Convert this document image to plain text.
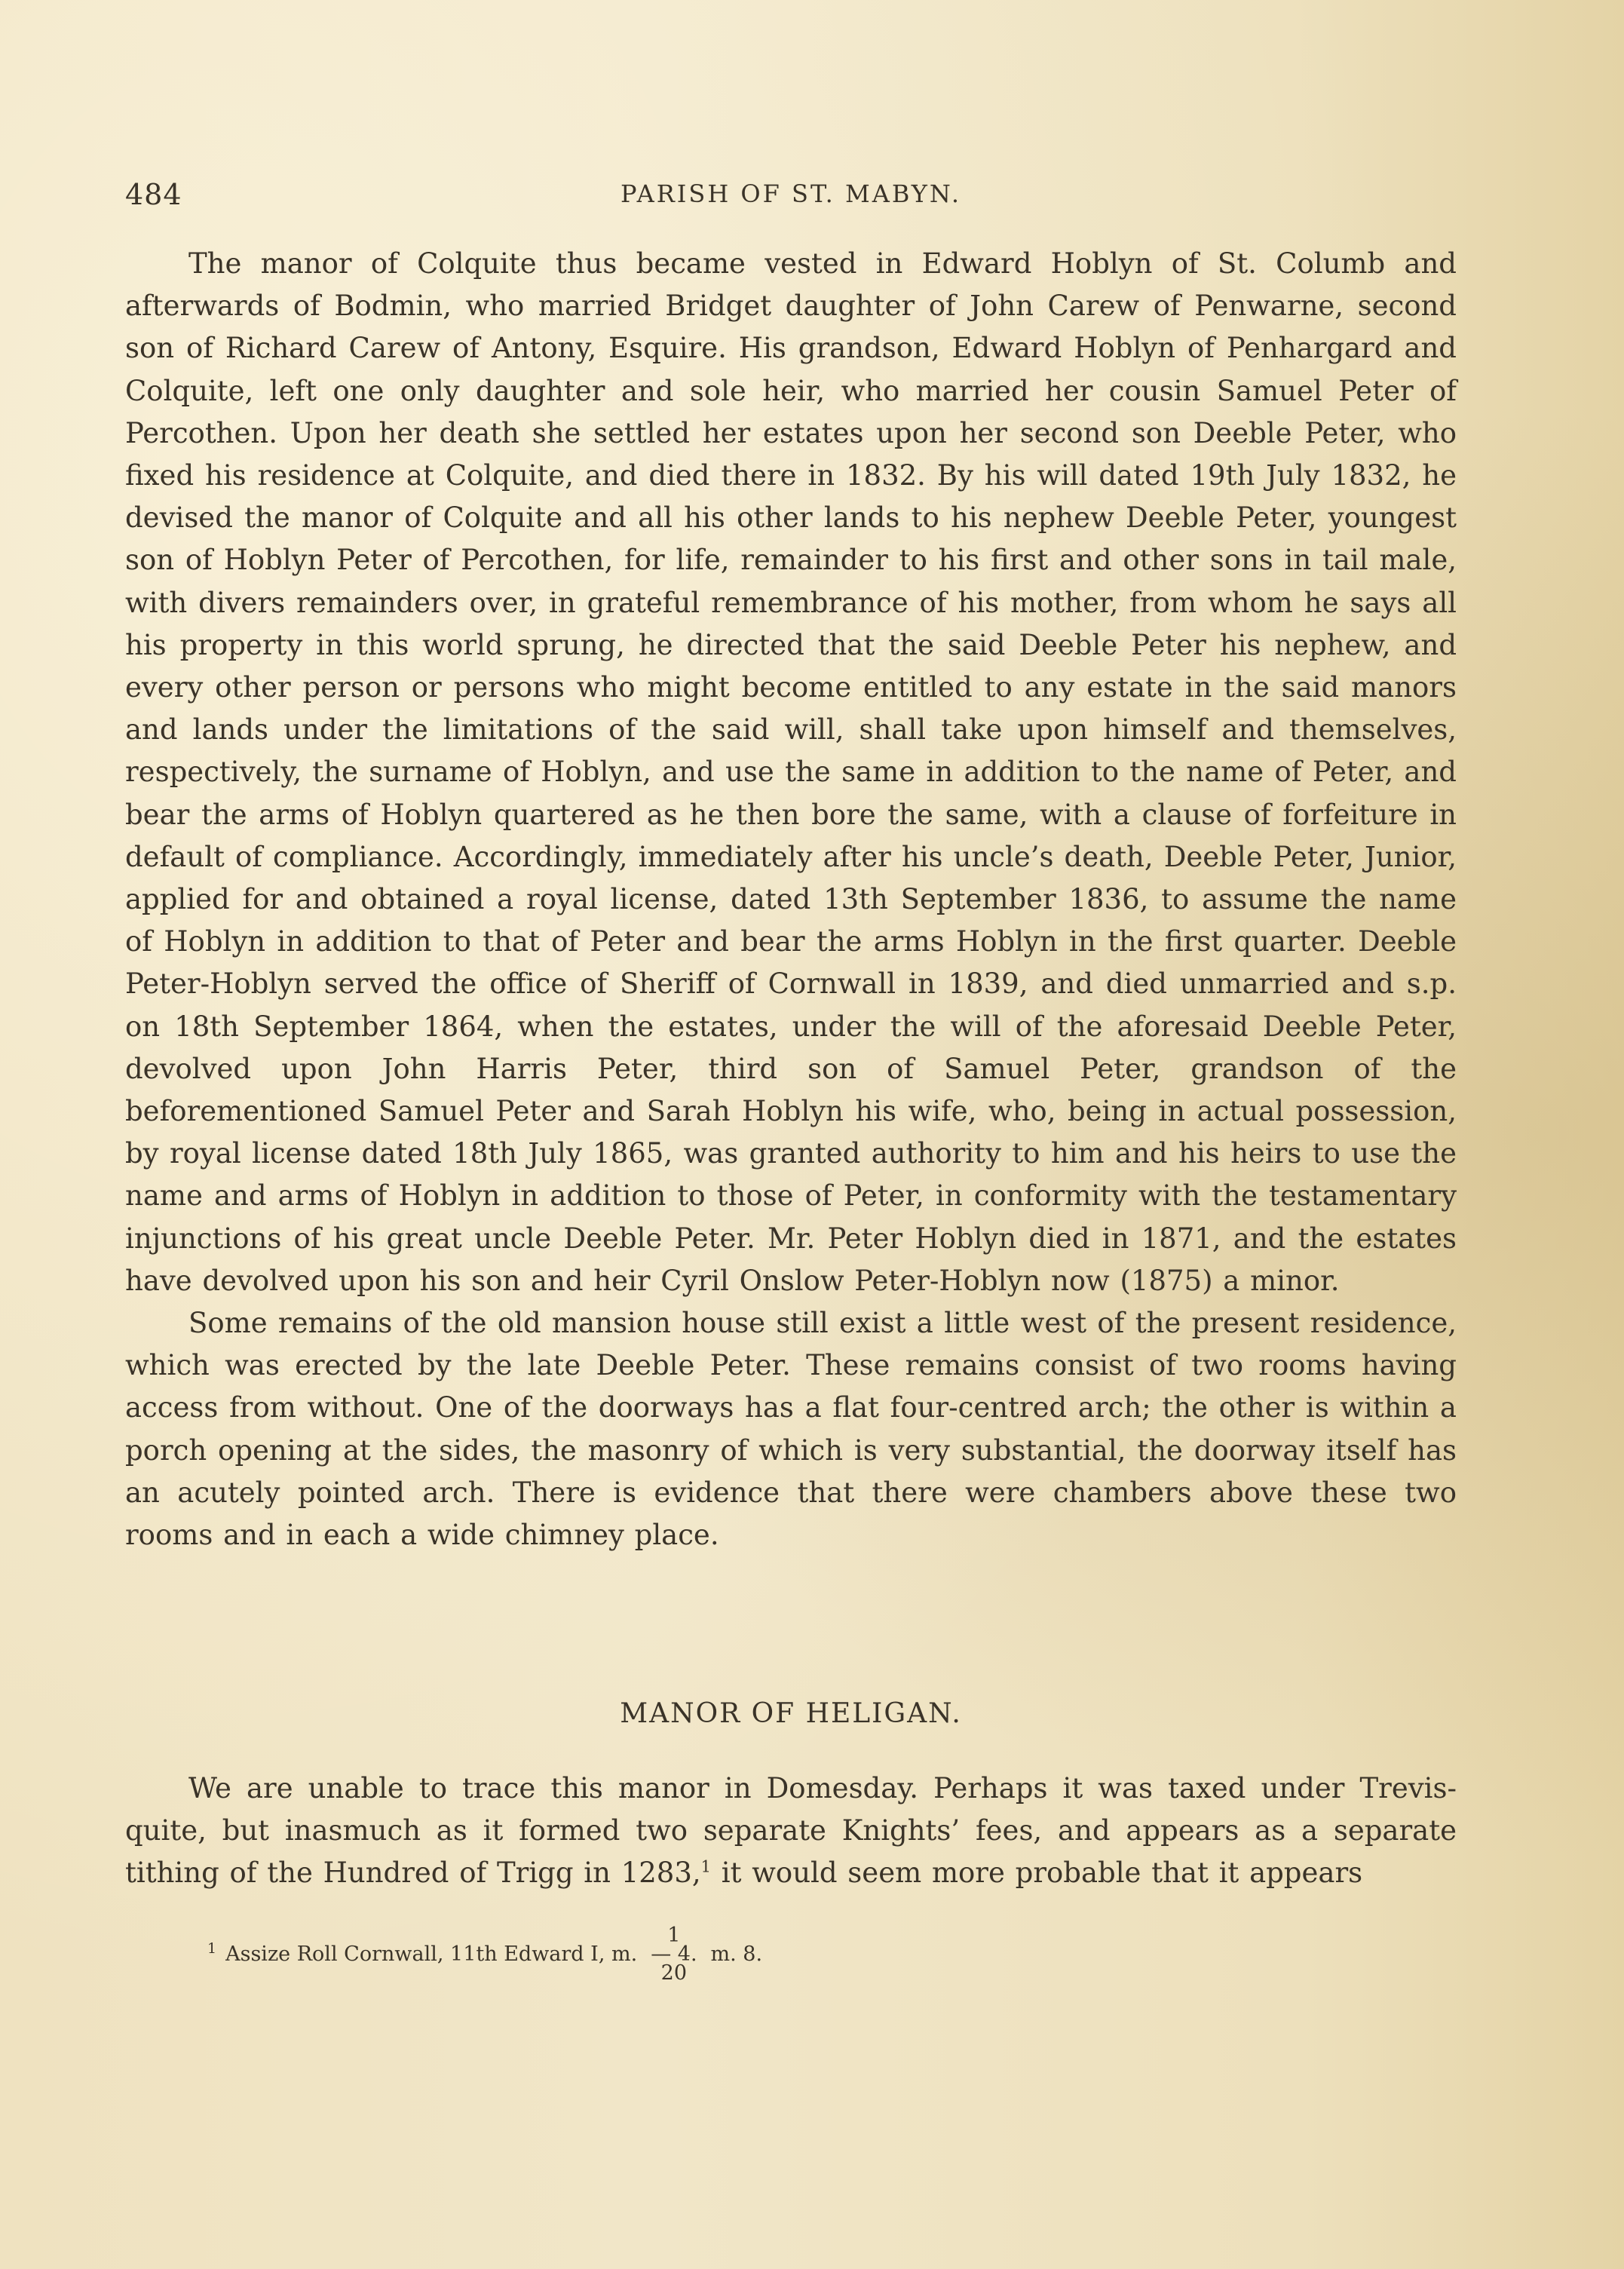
484	PARISH OF ST. MABYN.

The manor of Colquite thus became vested in Edward Hoblyn of St. Columb and afterwards of Bodmin, who married Bridget daughter of John Carew of Penwarne, second son of Richard Carew of Antony, Esquire. His grandson, Edward Hoblyn of Penhargard and Colquite, left one only daughter and sole heir, who married her cousin Samuel Peter of Percothen. Upon her death she settled her estates upon her second son Deeble Peter, who fixed his residence at Colquite, and died there in 1832. By his will dated 19th July 1832, he devised the manor of Colquite and all his other lands to his nephew Deeble Peter, youngest son of Hoblyn Peter of Percothen, for life, remainder to his first and other sons in tail male, with divers remainders over, in grateful remembrance of his mother, from whom he says all his property in this world sprung, he directed that the said Deeble Peter his nephew, and every other person or persons who might become entitled to any estate in the said manors and lands under the limitations of the said will, shall take upon himself and themselves, respectively, the surname of Hoblyn, and use the same in addition to the name of Peter, and bear the arms of Hoblyn quartered as he then bore the same, with a clause of forfeiture in default of compliance. Accordingly, immediately after his uncle’s death, Deeble Peter, Junior, applied for and obtained a royal license, dated 13th September 1836, to assume the name of Hoblyn in addition to that of Peter and bear the arms Hoblyn in the first quarter. Deeble Peter-Hoblyn served the office of Sheriff of Cornwall in 1839, and died unmarried and s.p. on 18th September 1864, when the estates, under the will of the aforesaid Deeble Peter, devolved upon John Harris Peter, third son of Samuel Peter, grandson of the beforementioned Samuel Peter and Sarah Hoblyn his wife, who, being in actual possession, by royal license dated 18th July 1865, was granted authority to him and his heirs to use the name and arms of Hoblyn in addition to those of Peter, in conformity with the testamentary injunctions of his great uncle Deeble Peter. Mr. Peter Hoblyn died in 1871, and the estates have devolved upon his son and heir Cyril Onslow Peter-Hoblyn now (1875) a minor.

Some remains of the old mansion house still exist a little west of the present residence, which was erected by the late Deeble Peter. These remains consist of two rooms having access from without. One of the doorways has a flat four-centred arch; the other is within a porch opening at the sides, the masonry of which is very substantial, the doorway itself has an acutely pointed arch. There is evidence that there were chambers above these two rooms and in each a wide chimney place.

MANOR OF HELIGAN.

We are unable to trace this manor in Domesday. Perhaps it was taxed under Trevis-quite, but inasmuch as it formed two separate Knights’ fees, and appears as a separate tithing of the Hundred of Trigg in 1283,$^1$ it would seem more probable that it appears

1 Assize Roll Cornwall, 11th Edward I, m.
1
— 4.
20
m. 8.
